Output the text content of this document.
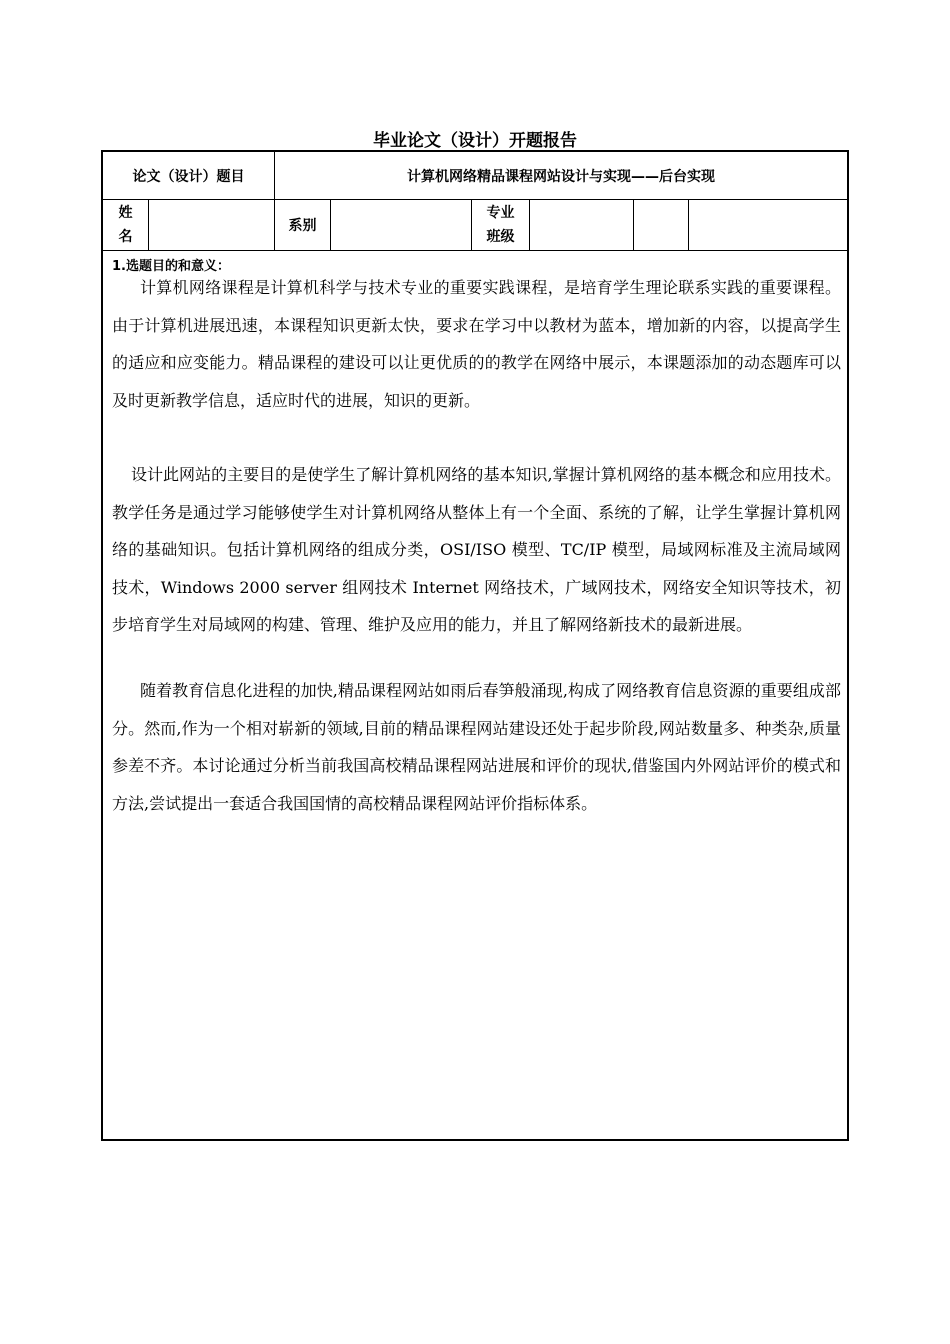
毕业论文（设计）开题报告
论文（设计）题目	计算机网络精品课程网站设计与实现——后台实现
姓
名
系别
专业
班级
1.选题目的和意义：

计算机网络课程是计算机科学与技术专业的重要实践课程，是培育学生理论联系实践的重要课程。由于计算机进展迅速，本课程知识更新太快，要求在学习中以教材为蓝本，增加新的内容，以提高学生的适应和应变能力。精品课程的建设可以让更优质的的教学在网络中展示，本课题添加的动态题库可以及时更新教学信息，适应时代的进展，知识的更新。

设计此网站的主要目的是使学生了解计算机网络的基本知识,掌握计算机网络的基本概念和应用技术。教学任务是通过学习能够使学生对计算机网络从整体上有一个全面、系统的了解，让学生掌握计算机网络的基础知识。包括计算机网络的组成分类，OSI/ISO 模型、TC/IP 模型，局域网标准及主流局域网技术，Windows 2000 server 组网技术 Internet 网络技术，广域网技术，网络安全知识等技术，初步培育学生对局域网的构建、管理、维护及应用的能力，并且了解网络新技术的最新进展。

随着教育信息化进程的加快,精品课程网站如雨后春笋般涌现,构成了网络教育信息资源的重要组成部分。然而,作为一个相对崭新的领域,目前的精品课程网站建设还处于起步阶段,网站数量多、种类杂,质量参差不齐。本讨论通过分析当前我国高校精品课程网站进展和评价的现状,借鉴国内外网站评价的模式和方法,尝试提出一套适合我国国情的高校精品课程网站评价指标体系。
